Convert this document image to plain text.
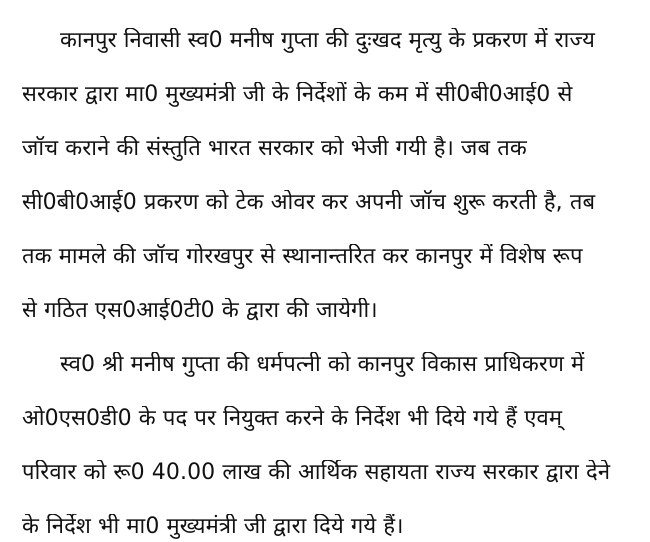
कानपुर निवासी स्व0 मनीष गुप्ता की दुःखद मृत्यु के प्रकरण में राज्य
सरकार द्वारा मा0 मुख्यमंत्री जी के निर्देशों के कम में सी0बी0आई0 से
जॉच कराने की संस्तुति भारत सरकार को भेजी गयी है। जब तक
सी0बी0आई0 प्रकरण को टेक ओवर कर अपनी जॉच शुरू करती है, तब
तक मामले की जॉच गोरखपुर से स्थानान्तरित कर कानपुर में विशेष रूप
से गठित एस0आई0टी0 के द्वारा की जायेगी।
स्व0 श्री मनीष गुप्ता की धर्मपत्नी को कानपुर विकास प्राधिकरण में
ओ0एस0डी0 के पद पर नियुक्त करने के निर्देश भी दिये गये हैं एवम्
परिवार को रू0 40.00 लाख की आर्थिक सहायता राज्य सरकार द्वारा देने
के निर्देश भी मा0 मुख्यमंत्री जी द्वारा दिये गये हैं।
